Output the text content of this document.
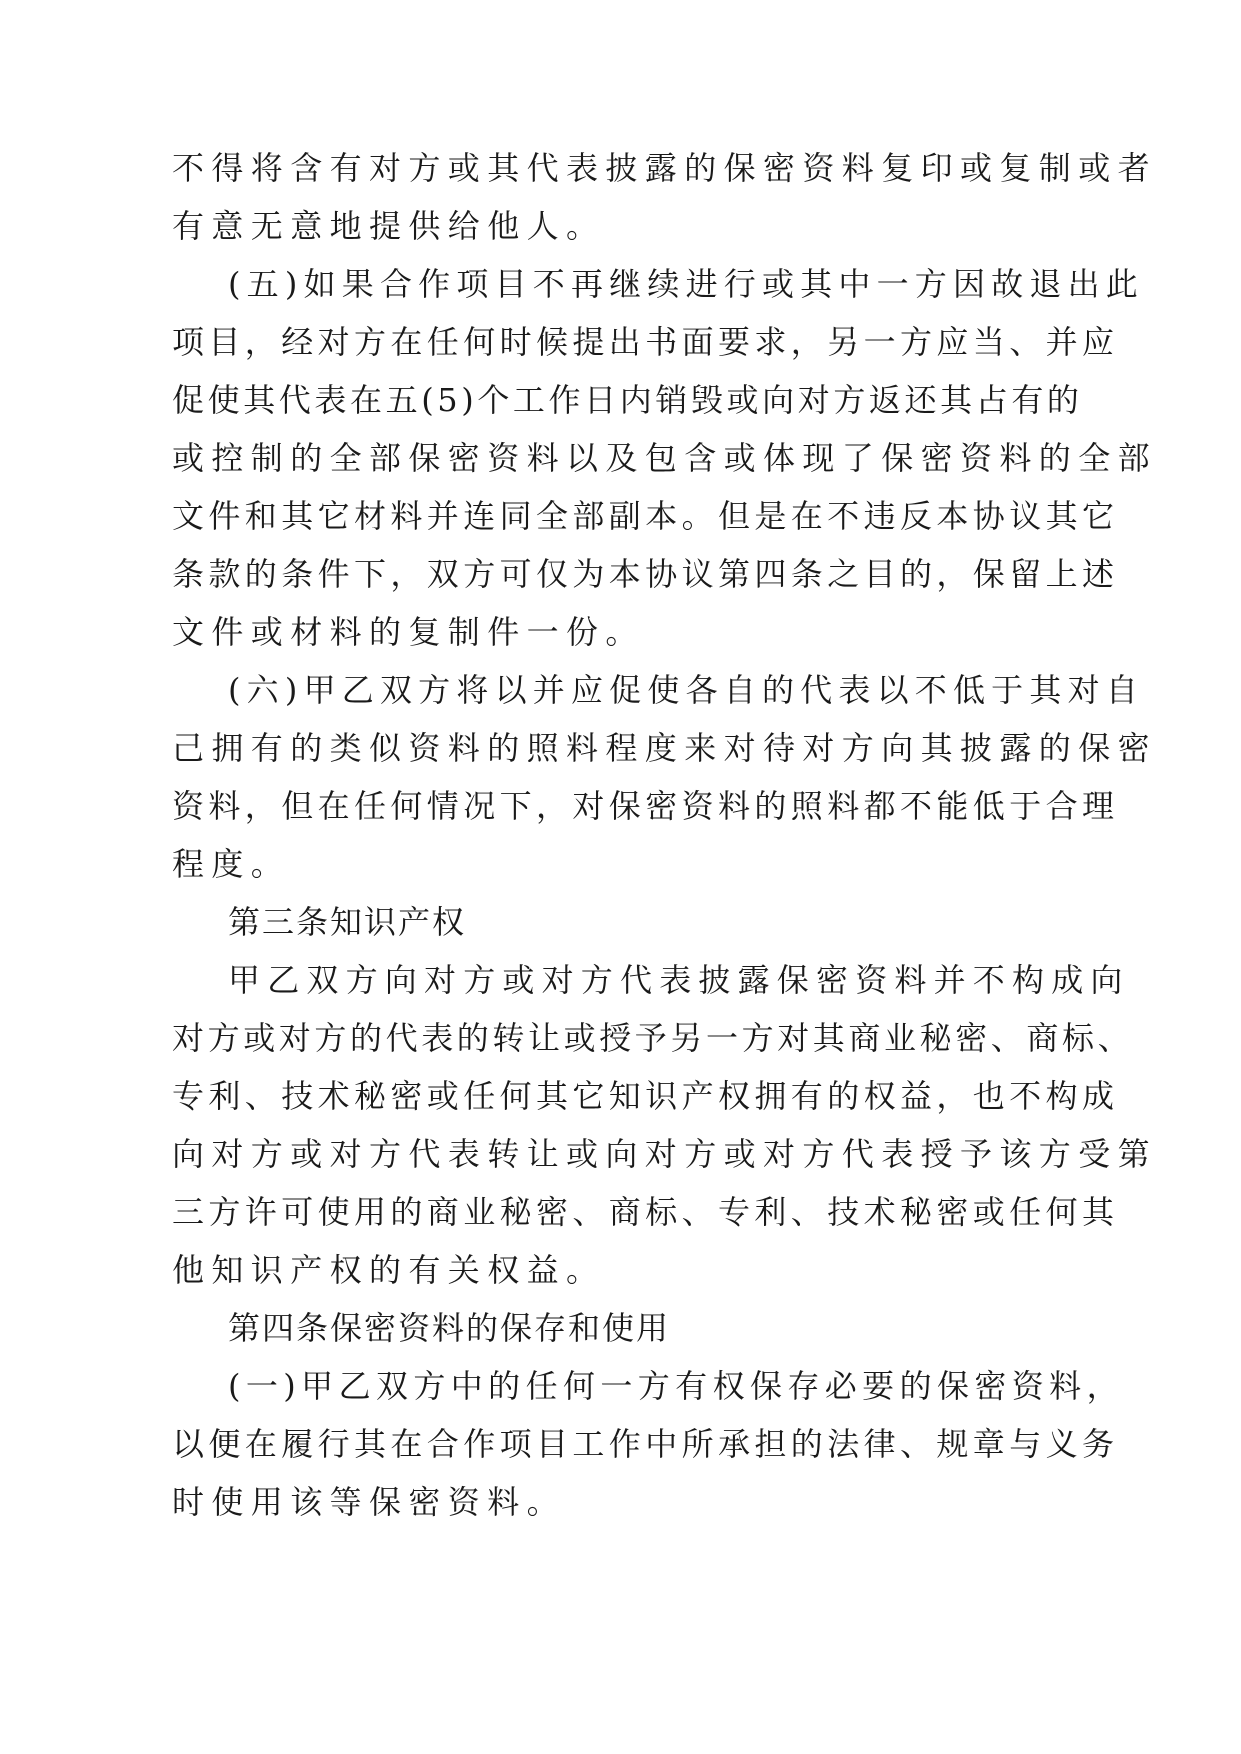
不得将含有对方或其代表披露的保密资料复印或复制或者

有意无意地提供给他人。

(五)如果合作项目不再继续进行或其中一方因故退出此

项目，经对方在任何时候提出书面要求，另一方应当、并应

促使其代表在五(5)个工作日内销毁或向对方返还其占有的

或控制的全部保密资料以及包含或体现了保密资料的全部

文件和其它材料并连同全部副本。但是在不违反本协议其它

条款的条件下，双方可仅为本协议第四条之目的，保留上述

文件或材料的复制件一份。

(六)甲乙双方将以并应促使各自的代表以不低于其对自

己拥有的类似资料的照料程度来对待对方向其披露的保密

资料，但在任何情况下，对保密资料的照料都不能低于合理

程度。

第三条知识产权

甲乙双方向对方或对方代表披露保密资料并不构成向

对方或对方的代表的转让或授予另一方对其商业秘密、商标、

专利、技术秘密或任何其它知识产权拥有的权益，也不构成

向对方或对方代表转让或向对方或对方代表授予该方受第

三方许可使用的商业秘密、商标、专利、技术秘密或任何其

他知识产权的有关权益。

第四条保密资料的保存和使用

(一)甲乙双方中的任何一方有权保存必要的保密资料，

以便在履行其在合作项目工作中所承担的法律、规章与义务

时使用该等保密资料。
